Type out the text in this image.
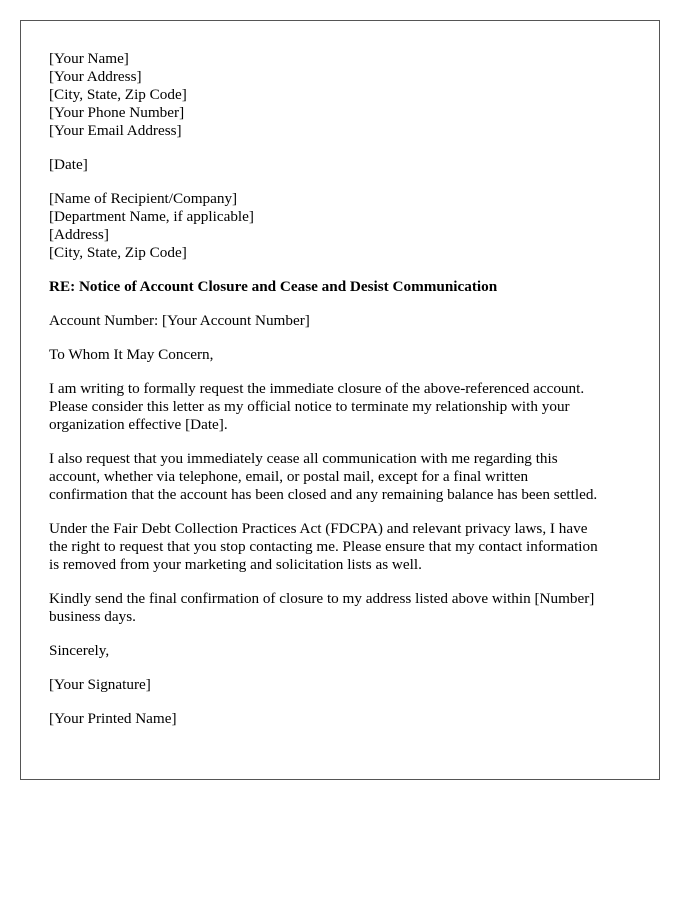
[Your Name]
[Your Address]
[City, State, Zip Code]
[Your Phone Number]
[Your Email Address]
[Date]
[Name of Recipient/Company]
[Department Name, if applicable]
[Address]
[City, State, Zip Code]
RE: Notice of Account Closure and Cease and Desist Communication
Account Number: [Your Account Number]
To Whom It May Concern,
I am writing to formally request the immediate closure of the above-referenced account.
Please consider this letter as my official notice to terminate my relationship with your
organization effective [Date].
I also request that you immediately cease all communication with me regarding this
account, whether via telephone, email, or postal mail, except for a final written
confirmation that the account has been closed and any remaining balance has been settled.
Under the Fair Debt Collection Practices Act (FDCPA) and relevant privacy laws, I have
the right to request that you stop contacting me. Please ensure that my contact information
is removed from your marketing and solicitation lists as well.
Kindly send the final confirmation of closure to my address listed above within [Number]
business days.
Sincerely,
[Your Signature]
[Your Printed Name]
